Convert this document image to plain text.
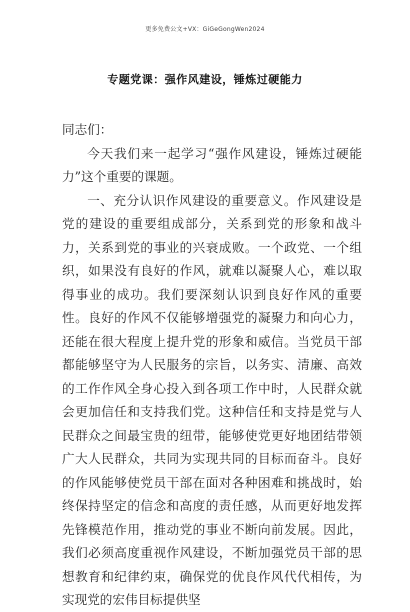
更多免费公文+VX：GiGeGongWen2024
专题党课：强作风建设，锤炼过硬能力

同志们：

今天我们来一起学习“强作风建设，锤炼过硬能力”这个重要的课题。

一、充分认识作风建设的重要意义。作风建设是党的建设的重要组成部分，关系到党的形象和战斗力，关系到党的事业的兴衰成败。一个政党、一个组织，如果没有良好的作风，就难以凝聚人心，难以取得事业的成功。我们要深刻认识到良好作风的重要性。良好的作风不仅能够增强党的凝聚力和向心力，还能在很大程度上提升党的形象和威信。当党员干部都能够坚守为人民服务的宗旨，以务实、清廉、高效的工作作风全身心投入到各项工作中时，人民群众就会更加信任和支持我们党。这种信任和支持是党与人民群众之间最宝贵的纽带，能够使党更好地团结带领广大人民群众，共同为实现共同的目标而奋斗。良好的作风能够使党员干部在面对各种困难和挑战时，始终保持坚定的信念和高度的责任感，从而更好地发挥先锋模范作用，推动党的事业不断向前发展。因此，我们必须高度重视作风建设，不断加强党员干部的思想教育和纪律约束，确保党的优良作风代代相传，为实现党的宏伟目标提供坚
